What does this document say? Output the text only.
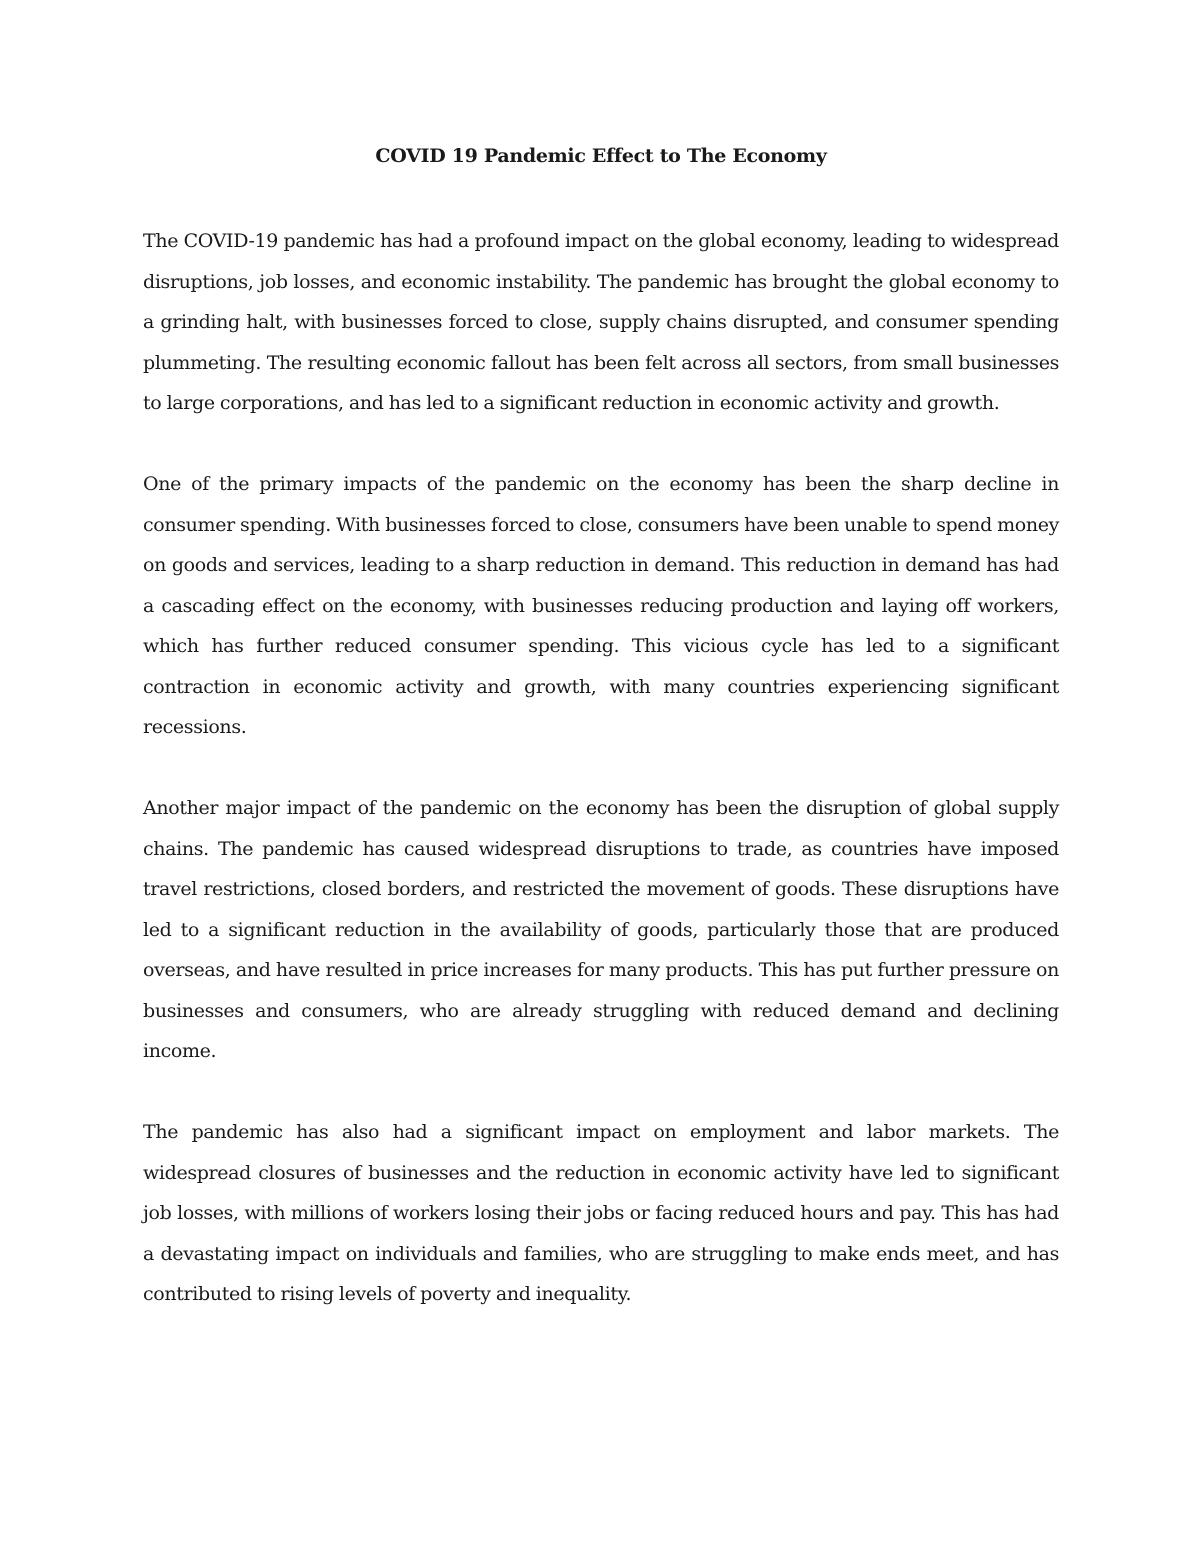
COVID 19 Pandemic Effect to The Economy

The COVID-19 pandemic has had a profound impact on the global economy, leading to widespread disruptions, job losses, and economic instability. The pandemic has brought the global economy to a grinding halt, with businesses forced to close, supply chains disrupted, and consumer spending plummeting. The resulting economic fallout has been felt across all sectors, from small businesses to large corporations, and has led to a significant reduction in economic activity and growth.

One of the primary impacts of the pandemic on the economy has been the sharp decline in consumer spending. With businesses forced to close, consumers have been unable to spend money on goods and services, leading to a sharp reduction in demand. This reduction in demand has had a cascading effect on the economy, with businesses reducing production and laying off workers, which has further reduced consumer spending. This vicious cycle has led to a significant contraction in economic activity and growth, with many countries experiencing significant recessions.

Another major impact of the pandemic on the economy has been the disruption of global supply chains. The pandemic has caused widespread disruptions to trade, as countries have imposed travel restrictions, closed borders, and restricted the movement of goods. These disruptions have led to a significant reduction in the availability of goods, particularly those that are produced overseas, and have resulted in price increases for many products. This has put further pressure on businesses and consumers, who are already struggling with reduced demand and declining income.

The pandemic has also had a significant impact on employment and labor markets. The widespread closures of businesses and the reduction in economic activity have led to significant job losses, with millions of workers losing their jobs or facing reduced hours and pay. This has had a devastating impact on individuals and families, who are struggling to make ends meet, and has contributed to rising levels of poverty and inequality.
